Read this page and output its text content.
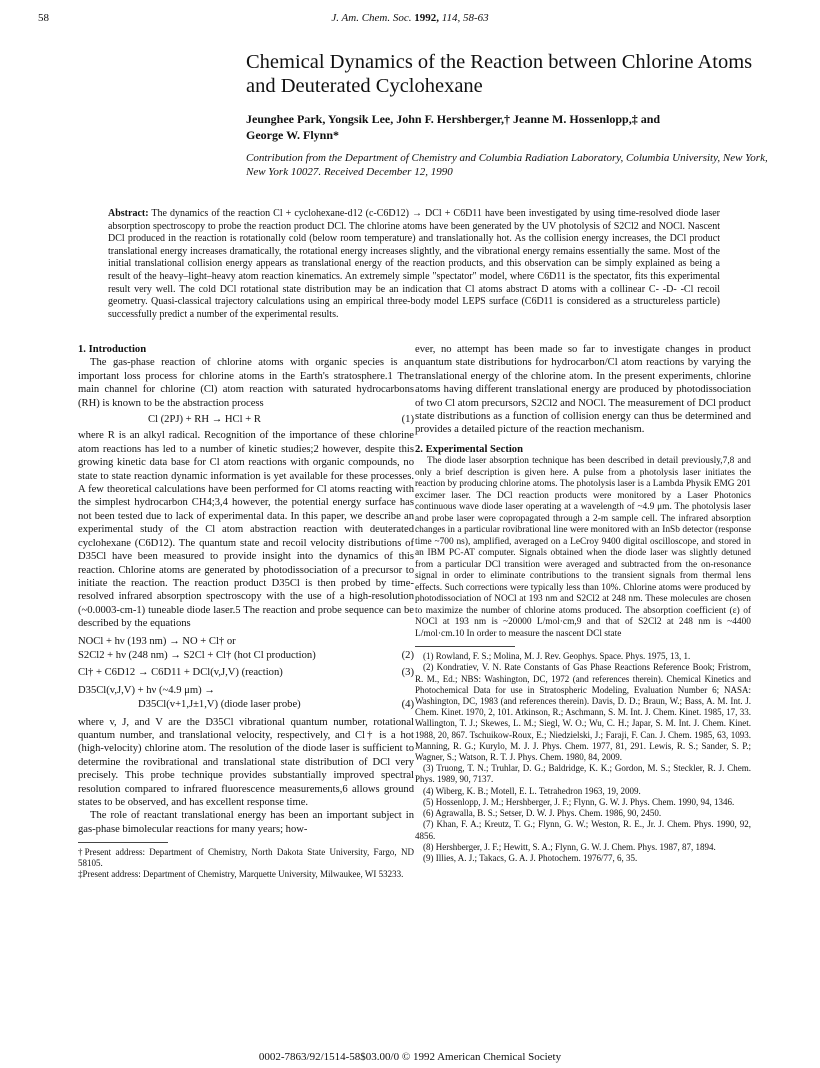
58	J. Am. Chem. Soc. 1992, 114, 58-63
Chemical Dynamics of the Reaction between Chlorine Atoms and Deuterated Cyclohexane
Jeunghee Park, Yongsik Lee, John F. Hershberger,† Jeanne M. Hossenlopp,‡ and
George W. Flynn*
Contribution from the Department of Chemistry and Columbia Radiation Laboratory, Columbia University, New York, New York 10027. Received December 12, 1990
Abstract: The dynamics of the reaction Cl + cyclohexane-d12 (c-C6D12) → DCl + C6D11 have been investigated by using time-resolved diode laser absorption spectroscopy to probe the reaction product DCl. The chlorine atoms have been generated by the UV photolysis of S2Cl2 and NOCl. Nascent DCl produced in the reaction is rotationally cold (below room temperature) and translationally hot. As the collision energy increases, the DCl product translational energy increases dramatically, the rotational energy increases slightly, and the vibrational energy remains essentially the same. Most of the initial translational collision energy appears as translational energy of the reaction products, and this observation can be simply explained as being a result of the heavy–light–heavy atom reaction kinematics. An extremely simple "spectator" model, where C6D11 is the spectator, fits this experimental result very well. The cold DCl rotational state distribution may be an indication that Cl atoms abstract D atoms with a collinear C- -D- -Cl recoil geometry. Quasi-classical trajectory calculations using an empirical three-body model LEPS surface (C6D11 is considered as a structureless particle) successfully predict a number of the experimental results.

1. Introduction

The gas-phase reaction of chlorine atoms with organic species is an important loss process for chlorine atoms in the Earth's stratosphere.1 The main channel for chlorine (Cl) atom reaction with saturated hydrocarbons (RH) is known to be the abstraction process

Cl (2PJ) + RH → HCl + R	(1)

where R is an alkyl radical. Recognition of the importance of these chlorine atom reactions has led to a number of kinetic studies;2 however, despite this growing kinetic data base for Cl atom reactions with organic compounds, no state to state reaction dynamic information is yet available for these processes. A few theoretical calculations have been performed for Cl atoms reacting with the simplest hydrocarbon CH4;3,4 however, the potential energy surface has not been tested due to lack of experimental data. In this paper, we describe an experimental study of the Cl atom abstraction reaction with deuterated cyclohexane (C6D12). The quantum state and recoil velocity distributions of D35Cl have been measured to provide insight into the dynamics of this reaction. Chlorine atoms are generated by photodissociation of a precursor to initiate the reaction. The reaction product D35Cl is then probed by time-resolved infrared absorption spectroscopy with the use of a high-resolution (~0.0003-cm-1) tuneable diode laser.5 The reaction and probe sequence can be described by the equations

NOCl + hν (193 nm) → NO + Cl† or
S2Cl2 + hν (248 nm) → S2Cl + Cl† (hot Cl production)	(2)
Cl† + C6D12 → C6D11 + DCl(v,J,V) (reaction)	(3)
D35Cl(v,J,V) + hν (~4.9 μm) →
D35Cl(v+1,J±1,V) (diode laser probe)	(4)

where v, J, and V are the D35Cl vibrational quantum number, rotational quantum number, and translational velocity, respectively, and Cl† is a hot (high-velocity) chlorine atom. The resolution of the diode laser is sufficient to determine the rovibrational and translational state distribution of DCl very precisely. This probe technique provides substantially improved spectral resolution compared to infrared fluorescence measurements,6 allows ground states to be observed, and has excellent response time.

The role of reactant translational energy has been an important subject in gas-phase bimolecular reactions for many years; how-

†Present address: Department of Chemistry, North Dakota State University, Fargo, ND 58105.
‡Present address: Department of Chemistry, Marquette University, Milwaukee, WI 53233.

ever, no attempt has been made so far to investigate changes in product quantum state distributions for hydrocarbon/Cl atom reactions by varying the translational energy of the chlorine atom. In the present experiments, chlorine atoms having different translational energy are produced by photodissociation of two Cl atom precursors, S2Cl2 and NOCl. The measurement of DCl product state distributions as a function of collision energy can thus be determined and provides a detailed picture of the reaction mechanism.

2. Experimental Section

The diode laser absorption technique has been described in detail previously,7,8 and only a brief description is given here. A pulse from a photolysis laser initiates the reaction by producing chlorine atoms. The photolysis laser is a Lambda Physik EMG 201 excimer laser. The DCl reaction products were monitored by a Laser Photonics continuous wave diode laser operating at a wavelength of ~4.9 μm. The photolysis laser and probe laser were copropagated through a 2-m sample cell. The infrared absorption changes in a particular rovibrational line were monitored with an InSb detector (response time ~700 ns), amplified, averaged on a LeCroy 9400 digital oscilloscope, and stored in an IBM PC-AT computer. Signals obtained when the diode laser was slightly detuned from a particular DCl transition were averaged and subtracted from the on-resonance signal in order to eliminate contributions to the transient signals from thermal lens effects. Such corrections were typically less than 10%. Chlorine atoms were produced by photodissociation of NOCl at 193 nm and S2Cl2 at 248 nm. These molecules are chosen to maximize the number of chlorine atoms produced. The absorption coefficient (ε) of NOCl at 193 nm is ~20000 L/mol·cm,9 and that of S2Cl2 at 248 nm is ~4400 L/mol·cm.10 In order to measure the nascent DCl state

(1) Rowland, F. S.; Molina, M. J. Rev. Geophys. Space. Phys. 1975, 13, 1.

(2) Kondratiev, V. N. Rate Constants of Gas Phase Reactions Reference Book; Fristrom, R. M., Ed.; NBS: Washington, DC, 1972 (and references therein). Chemical Kinetics and Photochemical Data for use in Stratospheric Modeling, Evaluation Number 6; NASA: Washington, DC, 1983 (and references therein). Davis, D. D.; Braun, W.; Bass, A. M. Int. J. Chem. Kinet. 1970, 2, 101. Atkinson, R.; Aschmann, S. M. Int. J. Chem. Kinet. 1985, 17, 33. Wallington, T. J.; Skewes, L. M.; Siegl, W. O.; Wu, C. H.; Japar, S. M. Int. J. Chem. Kinet. 1988, 20, 867. Tschuikow-Roux, E.; Niedzielski, J.; Faraji, F. Can. J. Chem. 1985, 63, 1093. Manning, R. G.; Kurylo, M. J. J. Phys. Chem. 1977, 81, 291. Lewis, R. S.; Sander, S. P.; Wagner, S.; Watson, R. T. J. Phys. Chem. 1980, 84, 2009.

(3) Truong, T. N.; Truhlar, D. G.; Baldridge, K. K.; Gordon, M. S.; Steckler, R. J. Chem. Phys. 1989, 90, 7137.

(4) Wiberg, K. B.; Motell, E. L. Tetrahedron 1963, 19, 2009.

(5) Hossenlopp, J. M.; Hershberger, J. F.; Flynn, G. W. J. Phys. Chem. 1990, 94, 1346.

(6) Agrawalla, B. S.; Setser, D. W. J. Phys. Chem. 1986, 90, 2450.

(7) Khan, F. A.; Kreutz, T. G.; Flynn, G. W.; Weston, R. E., Jr. J. Chem. Phys. 1990, 92, 4856.

(8) Hershberger, J. F.; Hewitt, S. A.; Flynn, G. W. J. Chem. Phys. 1987, 87, 1894.

(9) Illies, A. J.; Takacs, G. A. J. Photochem. 1976/77, 6, 35.

0002-7863/92/1514-58$03.00/0 © 1992 American Chemical Society
